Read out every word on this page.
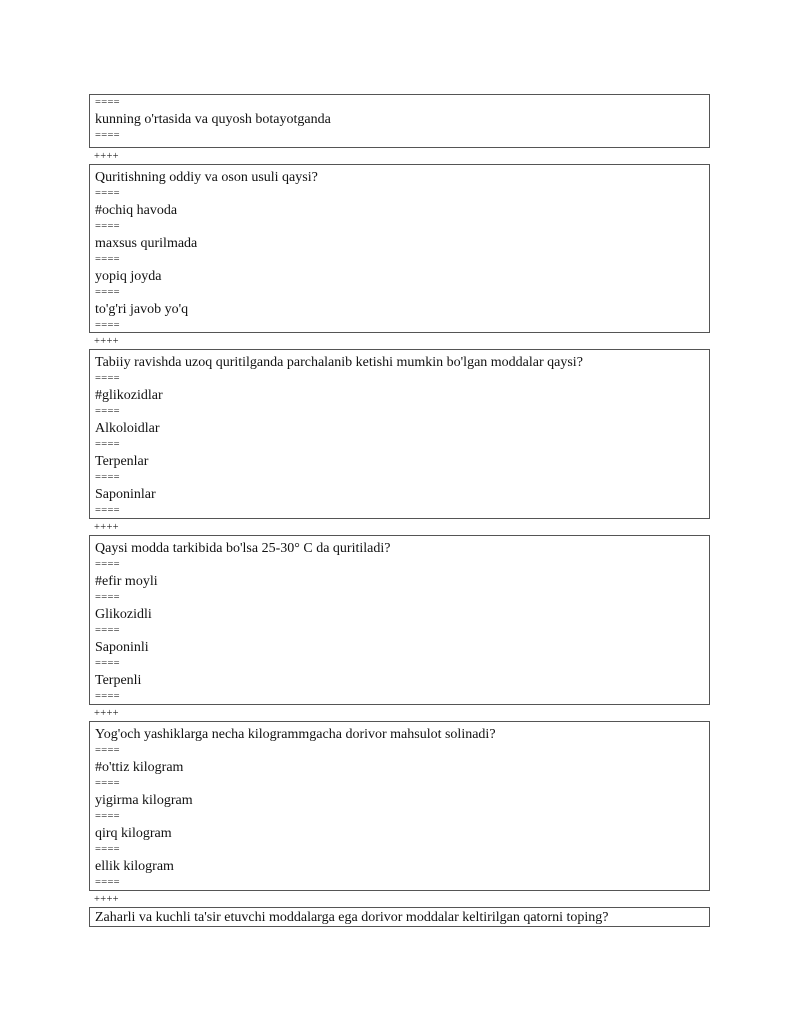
====
kunning o'rtasida va quyosh botayotganda
====
++++
Quritishning oddiy va oson usuli qaysi?
====
#ochiq havoda
====
maxsus qurilmada
====
yopiq joyda
====
to'g'ri javob yo'q
====
++++
Tabiiy ravishda uzoq quritilganda parchalanib ketishi mumkin bo'lgan moddalar qaysi?
====
#glikozidlar
====
Alkoloidlar
====
Terpenlar
====
Saponinlar
====
++++
Qaysi modda tarkibida bo'lsa 25-30° C da quritiladi?
====
#efir moyli
====
Glikozidli
====
Saponinli
====
Terpenli
====
++++
Yog'och yashiklarga necha kilogrammgacha dorivor mahsulot solinadi?
====
#o'ttiz kilogram
====
yigirma kilogram
====
qirq kilogram
====
ellik kilogram
====
++++
Zaharli va kuchli ta'sir etuvchi moddalarga ega dorivor moddalar keltirilgan qatorni toping?
